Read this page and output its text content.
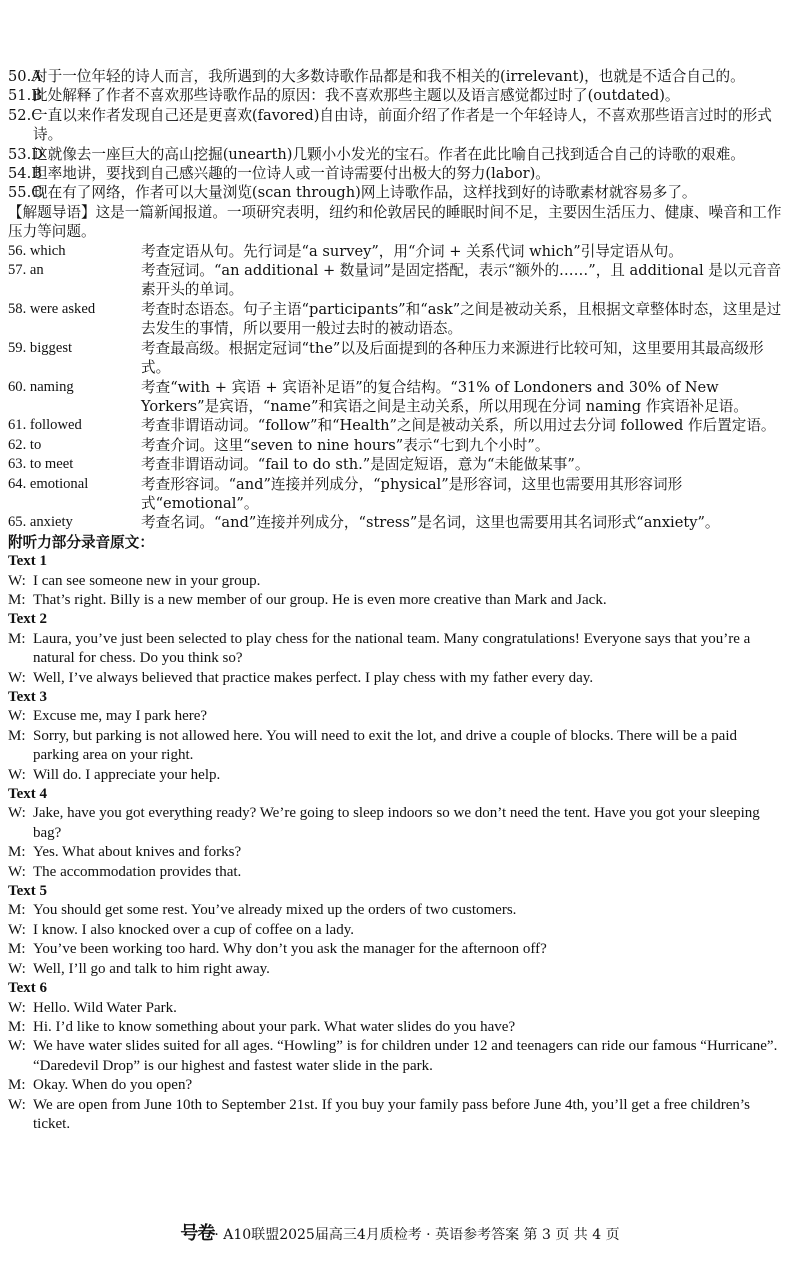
50.A
对于一位年轻的诗人而言，我所遇到的大多数诗歌作品都是和我不相关的(irrelevant)，也就是不适合自己的。
51.B
此处解释了作者不喜欢那些诗歌作品的原因：我不喜欢那些主题以及语言感觉都过时了(outdated)。
52.C
一直以来作者发现自己还是更喜欢(favored)自由诗，前面介绍了作者是一个年轻诗人，不喜欢那些语言过时的形式诗。
53.D
这就像去一座巨大的高山挖掘(unearth)几颗小小发光的宝石。作者在此比喻自己找到适合自己的诗歌的艰难。
54.B
坦率地讲，要找到自己感兴趣的一位诗人或一首诗需要付出极大的努力(labor)。
55.C
现在有了网络，作者可以大量浏览(scan through)网上诗歌作品，这样找到好的诗歌素材就容易多了。
【解题导语】这是一篇新闻报道。一项研究表明，纽约和伦敦居民的睡眠时间不足，主要因生活压力、健康、噪音和工作压力等问题。
56. which	考查定语从句。先行词是“a survey”，用“介词 + 关系代词 which”引导定语从句。
57. an	考查冠词。“an additional + 数量词”是固定搭配，表示“额外的……”，且 additional 是以元音音素开头的单词。
58. were asked	考查时态语态。句子主语“participants”和“ask”之间是被动关系，且根据文章整体时态，这里是过去发生的事情，所以要用一般过去时的被动语态。
59. biggest	考查最高级。根据定冠词“the”以及后面提到的各种压力来源进行比较可知，这里要用其最高级形式。
60. naming	考查“with + 宾语 + 宾语补足语”的复合结构。“31% of Londoners and 30% of New Yorkers”是宾语，“name”和宾语之间是主动关系，所以用现在分词 naming 作宾语补足语。
61. followed	考查非谓语动词。“follow”和“Health”之间是被动关系，所以用过去分词 followed 作后置定语。
62. to	考查介词。这里“seven to nine hours”表示“七到九个小时”。
63. to meet	考查非谓语动词。“fail to do sth.”是固定短语，意为“未能做某事”。
64. emotional	考查形容词。“and”连接并列成分，“physical”是形容词，这里也需要用其形容词形式“emotional”。
65. anxiety	考查名词。“and”连接并列成分，“stress”是名词，这里也需要用其名词形式“anxiety”。
附听力部分录音原文：
Text 1
W: I can see someone new in your group.
M: That’s right. Billy is a new member of our group. He is even more creative than Mark and Jack.
Text 2
M: Laura, you’ve just been selected to play chess for the national team. Many congratulations! Everyone says that you’re a natural for chess. Do you think so?
W: Well, I’ve always believed that practice makes perfect. I play chess with my father every day.
Text 3
W: Excuse me, may I park here?
M: Sorry, but parking is not allowed here. You will need to exit the lot, and drive a couple of blocks. There will be a paid parking area on your right.
W: Will do. I appreciate your help.
Text 4
W: Jake, have you got everything ready? We’re going to sleep indoors so we don’t need the tent. Have you got your sleeping bag?
M: Yes. What about knives and forks?
W: The accommodation provides that.
Text 5
M: You should get some rest. You’ve already mixed up the orders of two customers.
W: I know. I also knocked over a cup of coffee on a lady.
M: You’ve been working too hard. Why don’t you ask the manager for the afternoon off?
W: Well, I’ll go and talk to him right away.
Text 6
W: Hello. Wild Water Park.
M: Hi. I’d like to know something about your park. What water slides do you have?
W: We have water slides suited for all ages. “Howling” is for children under 12 and teenagers can ride our famous “Hurricane”. “Daredevil Drop” is our highest and fastest water slide in the park.
M: Okay. When do you open?
W: We are open from June 10th to September 21st. If you buy your family pass before June 4th, you’ll get a free children’s ticket.
号卷· A10联盟2025届高三4月质检考 · 英语参考答案 第 3 页 共 4 页
